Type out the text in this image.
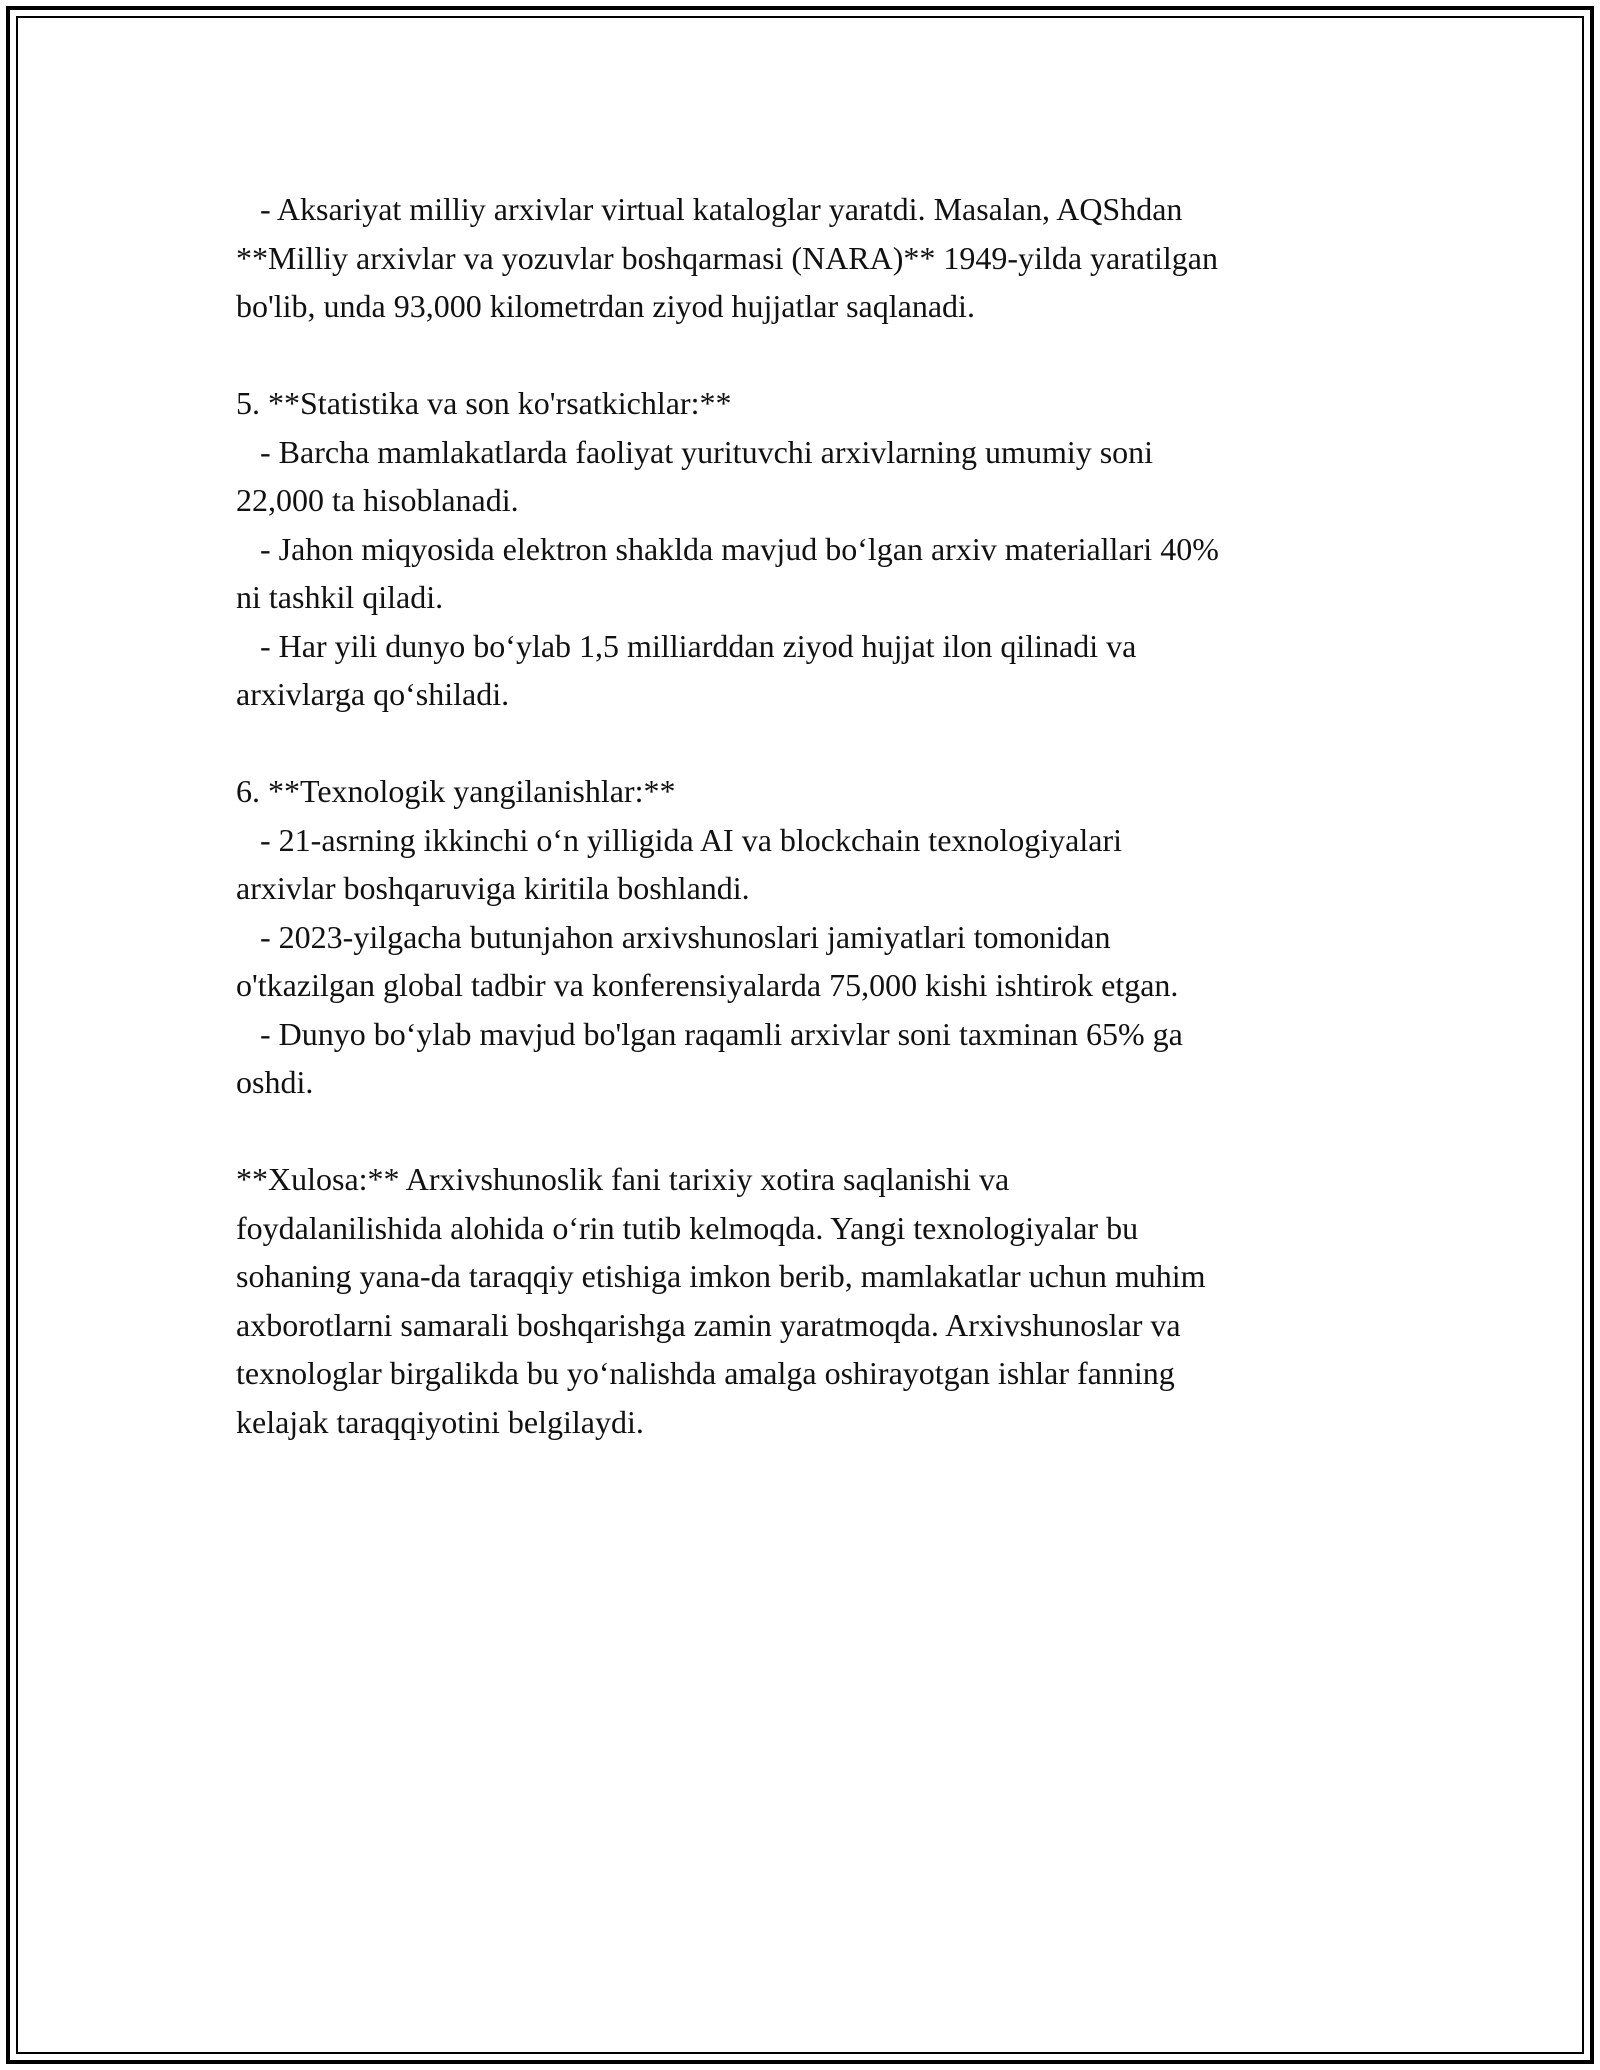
- Aksariyat milliy arxivlar virtual kataloglar yaratdi. Masalan, AQShdan

**Milliy arxivlar va yozuvlar boshqarmasi (NARA)** 1949-yilda yaratilgan

bo'lib, unda 93,000 kilometrdan ziyod hujjatlar saqlanadi.

5. **Statistika va son ko'rsatkichlar:**

- Barcha mamlakatlarda faoliyat yurituvchi arxivlarning umumiy soni

22,000 ta hisoblanadi.

- Jahon miqyosida elektron shaklda mavjud bo‘lgan arxiv materiallari 40%

ni tashkil qiladi.

- Har yili dunyo bo‘ylab 1,5 milliarddan ziyod hujjat ilon qilinadi va

arxivlarga qo‘shiladi.

6. **Texnologik yangilanishlar:**

- 21-asrning ikkinchi o‘n yilligida AI va blockchain texnologiyalari

arxivlar boshqaruviga kiritila boshlandi.

- 2023-yilgacha butunjahon arxivshunoslari jamiyatlari tomonidan

o'tkazilgan global tadbir va konferensiyalarda 75,000 kishi ishtirok etgan.

- Dunyo bo‘ylab mavjud bo'lgan raqamli arxivlar soni taxminan 65% ga

oshdi.

**Xulosa:** Arxivshunoslik fani tarixiy xotira saqlanishi va

foydalanilishida alohida o‘rin tutib kelmoqda. Yangi texnologiyalar bu

sohaning yana-da taraqqiy etishiga imkon berib, mamlakatlar uchun muhim

axborotlarni samarali boshqarishga zamin yaratmoqda. Arxivshunoslar va

texnologlar birgalikda bu yo‘nalishda amalga oshirayotgan ishlar fanning

kelajak taraqqiyotini belgilaydi.
